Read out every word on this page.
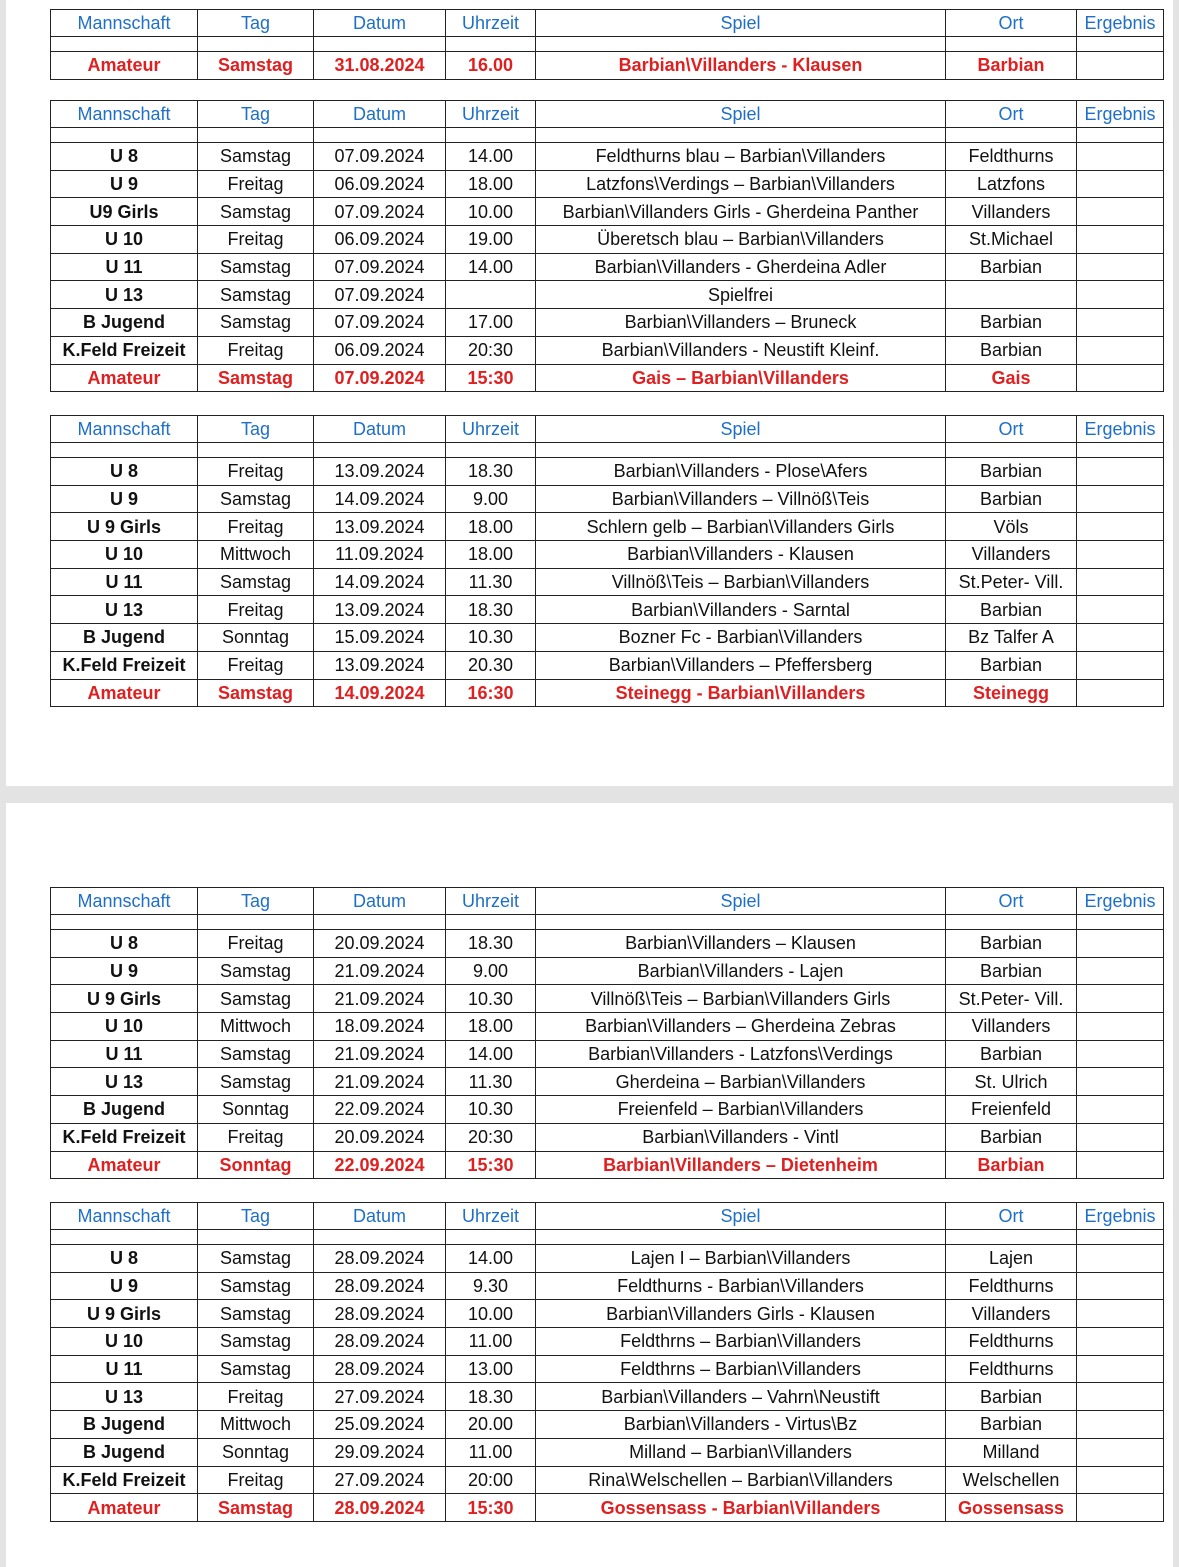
Mannschaft	Tag	Datum	Uhrzeit	Spiel	Ort	Ergebnis

Amateur	Samstag	31.08.2024	16.00	Barbian\Villanders - Klausen	Barbian	
Mannschaft	Tag	Datum	Uhrzeit	Spiel	Ort	Ergebnis

U 8	Samstag	07.09.2024	14.00	Feldthurns blau – Barbian\Villanders	Feldthurns	
U 9	Freitag	06.09.2024	18.00	Latzfons\Verdings – Barbian\Villanders	Latzfons	
U9 Girls	Samstag	07.09.2024	10.00	Barbian\Villanders Girls - Gherdeina Panther	Villanders	
U 10	Freitag	06.09.2024	19.00	Überetsch blau – Barbian\Villanders	St.Michael	
U 11	Samstag	07.09.2024	14.00	Barbian\Villanders - Gherdeina Adler	Barbian	
U 13	Samstag	07.09.2024		Spielfrei		
B Jugend	Samstag	07.09.2024	17.00	Barbian\Villanders – Bruneck	Barbian	
K.Feld Freizeit	Freitag	06.09.2024	20:30	Barbian\Villanders - Neustift Kleinf.	Barbian	
Amateur	Samstag	07.09.2024	15:30	Gais – Barbian\Villanders	Gais	
Mannschaft	Tag	Datum	Uhrzeit	Spiel	Ort	Ergebnis

U 8	Freitag	13.09.2024	18.30	Barbian\Villanders - Plose\Afers	Barbian	
U 9	Samstag	14.09.2024	9.00	Barbian\Villanders – Villnöß\Teis	Barbian	
U 9 Girls	Freitag	13.09.2024	18.00	Schlern gelb – Barbian\Villanders Girls	Völs	
U 10	Mittwoch	11.09.2024	18.00	Barbian\Villanders - Klausen	Villanders	
U 11	Samstag	14.09.2024	11.30	Villnöß\Teis – Barbian\Villanders	St.Peter- Vill.	
U 13	Freitag	13.09.2024	18.30	Barbian\Villanders - Sarntal	Barbian	
B Jugend	Sonntag	15.09.2024	10.30	Bozner Fc - Barbian\Villanders	Bz Talfer A	
K.Feld Freizeit	Freitag	13.09.2024	20.30	Barbian\Villanders – Pfeffersberg	Barbian	
Amateur	Samstag	14.09.2024	16:30	Steinegg - Barbian\Villanders	Steinegg	
Mannschaft	Tag	Datum	Uhrzeit	Spiel	Ort	Ergebnis

U 8	Freitag	20.09.2024	18.30	Barbian\Villanders – Klausen	Barbian	
U 9	Samstag	21.09.2024	9.00	Barbian\Villanders - Lajen	Barbian	
U 9 Girls	Samstag	21.09.2024	10.30	Villnöß\Teis – Barbian\Villanders Girls	St.Peter- Vill.	
U 10	Mittwoch	18.09.2024	18.00	Barbian\Villanders – Gherdeina Zebras	Villanders	
U 11	Samstag	21.09.2024	14.00	Barbian\Villanders - Latzfons\Verdings	Barbian	
U 13	Samstag	21.09.2024	11.30	Gherdeina – Barbian\Villanders	St. Ulrich	
B Jugend	Sonntag	22.09.2024	10.30	Freienfeld – Barbian\Villanders	Freienfeld	
K.Feld Freizeit	Freitag	20.09.2024	20:30	Barbian\Villanders - Vintl	Barbian	
Amateur	Sonntag	22.09.2024	15:30	Barbian\Villanders – Dietenheim	Barbian	
Mannschaft	Tag	Datum	Uhrzeit	Spiel	Ort	Ergebnis

U 8	Samstag	28.09.2024	14.00	Lajen I – Barbian\Villanders	Lajen	
U 9	Samstag	28.09.2024	9.30	Feldthurns - Barbian\Villanders	Feldthurns	
U 9 Girls	Samstag	28.09.2024	10.00	Barbian\Villanders Girls - Klausen	Villanders	
U 10	Samstag	28.09.2024	11.00	Feldthrns – Barbian\Villanders	Feldthurns	
U 11	Samstag	28.09.2024	13.00	Feldthrns – Barbian\Villanders	Feldthurns	
U 13	Freitag	27.09.2024	18.30	Barbian\Villanders – Vahrn\Neustift	Barbian	
B Jugend	Mittwoch	25.09.2024	20.00	Barbian\Villanders - Virtus\Bz	Barbian	
B Jugend	Sonntag	29.09.2024	11.00	Milland – Barbian\Villanders	Milland	
K.Feld Freizeit	Freitag	27.09.2024	20:00	Rina\Welschellen – Barbian\Villanders	Welschellen	
Amateur	Samstag	28.09.2024	15:30	Gossensass - Barbian\Villanders	Gossensass	
